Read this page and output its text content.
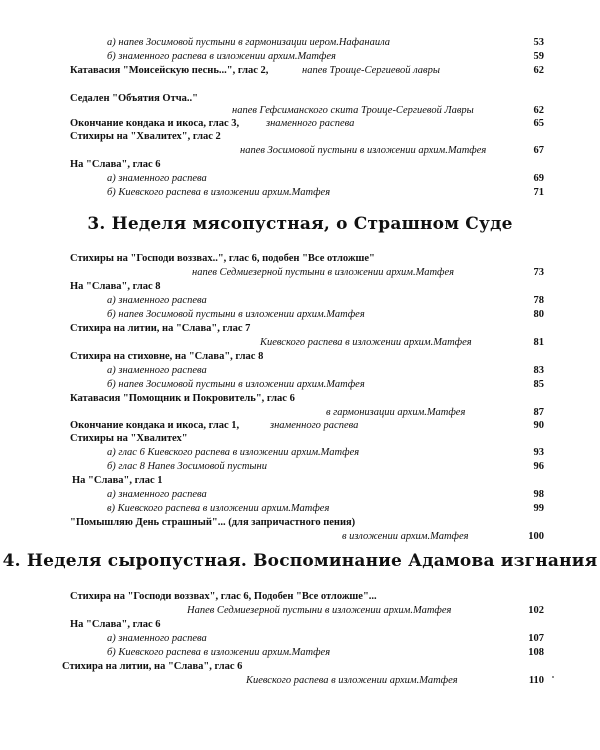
а) напев Зосимовой пустыни в гармонизации иером.Нафанаила	53
б) знаменного распева в изложении архим.Матфея	59
Катавасия "Моисейскую песнь...", глас 2,	напев Троице-Сергиевой лавры	62
Седален "Объятия Отча.."
напев Гефсиманского скита Троице-Сергиевой Лавры	62
Окончание кондака и икоса, глас 3,	знаменного распева	65
Стихиры на "Хвалитех", глас 2
напев Зосимовой пустыни в изложении архим.Матфея	67
На "Слава", глас 6
а) знаменного распева	69
б) Киевского распева в изложении архим.Матфея	71
3. Неделя мясопустная, о Страшном Суде
Стихиры на "Господи воззвах..", глас 6, подобен "Все отложше"
напев Седмиезерной пустыни в изложении архим.Матфея	73
На "Слава", глас 8
а) знаменного распева	78
б) напев Зосимовой пустыни в изложении архим.Матфея	80
Стихира на литии, на "Слава", глас 7
Киевского распева в изложении архим.Матфея	81
Стихира на стиховне, на "Слава", глас 8
а) знаменного распева	83
б) напев Зосимовой пустыни в изложении архим.Матфея	85
Катавасия "Помощник и Покровитель", глас 6
в гармонизации архим.Матфея	87
Окончание кондака и икоса, глас 1,	знаменного распева	90
Стихиры на "Хвалитех"
а) глас 6 Киевского распева в изложении архим.Матфея	93
б) глас 8 Напев Зосимовой пустыни	96
На "Слава", глас 1
а) знаменного распева	98
в) Киевского распева в изложении архим.Матфея	99
"Помышляю День страшный"... (для запричастного пения)
в изложении архим.Матфея	100
4. Неделя сыропустная. Воспоминание Адамова изгнания
Стихира на "Господи воззвах", глас 6, Подобен "Все отложше"...
Напев Седмиезерной пустыни в изложении архим.Матфея	102
На "Слава", глас 6
а) знаменного распева	107
б) Киевского распева в изложении архим.Матфея	108
Стихира на литии, на "Слава", глас 6
Киевского распева в изложении архим.Матфея	110
